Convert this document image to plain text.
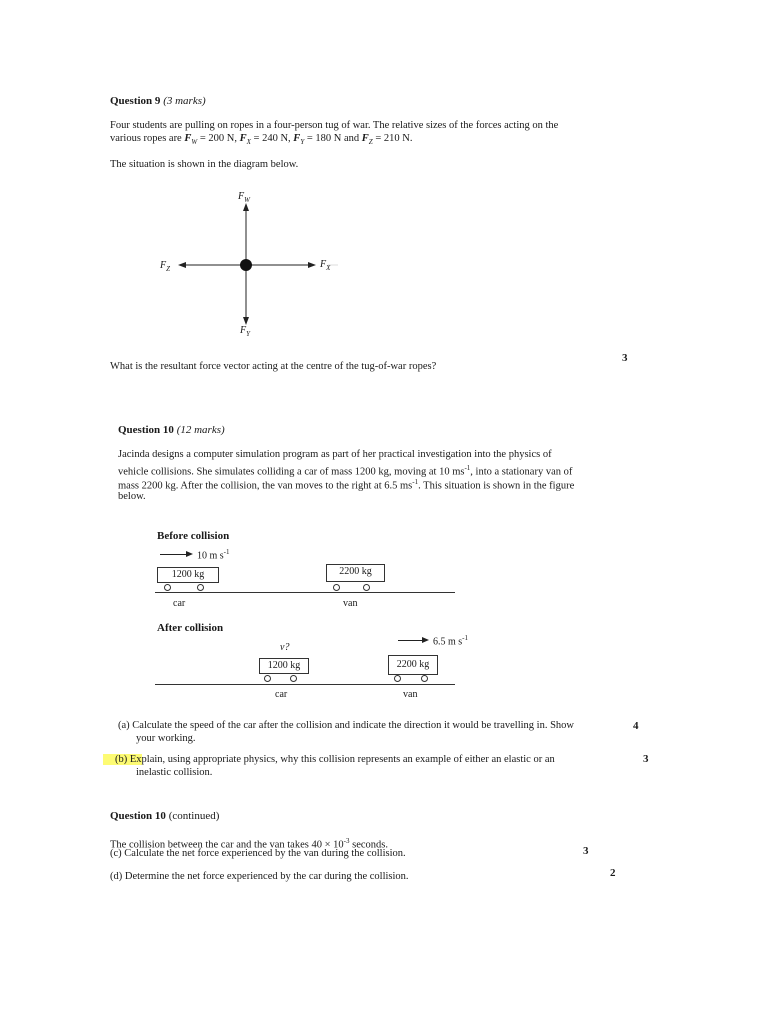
Question 9 (3 marks)
Four students are pulling on ropes in a four-person tug of war. The relative sizes of the forces acting on the
various ropes are $F_W = 200$ N, $F_X = 240$ N, $F_Y = 180$ N and $F_Z = 210$ N.
The situation is shown in the diagram below.
$F_W$
$F_X$
$F_Y$
$F_Z$
What is the resultant force vector acting at the centre of the tug-of-war ropes?
3
Question 10 (12 marks)
Jacinda designs a computer simulation program as part of her practical investigation into the physics of
vehicle collisions. She simulates colliding a car of mass 1200 kg, moving at 10 $ms^{-1}$, into a stationary van of
mass 2200 kg. After the collision, the van moves to the right at 6.5 $ms^{-1}$. This situation is shown in the figure
below.
Before collision
10 m $s^{-1}$
1200 kg	2200 kg
car	van
After collision
v?
6.5 m $s^{-1}$
1200 kg	2200 kg
car	van
(a) Calculate the speed of the car after the collision and indicate the direction it would be travelling in. Show
your working.
4
(b) Explain, using appropriate physics, why this collision represents an example of either an elastic or an
inelastic collision.
3
Question 10 (continued)
The collision between the car and the van takes $40 \times 10^{-3}$ seconds.
(c) Calculate the net force experienced by the van during the collision.	3
(d) Determine the net force experienced by the car during the collision.	2
